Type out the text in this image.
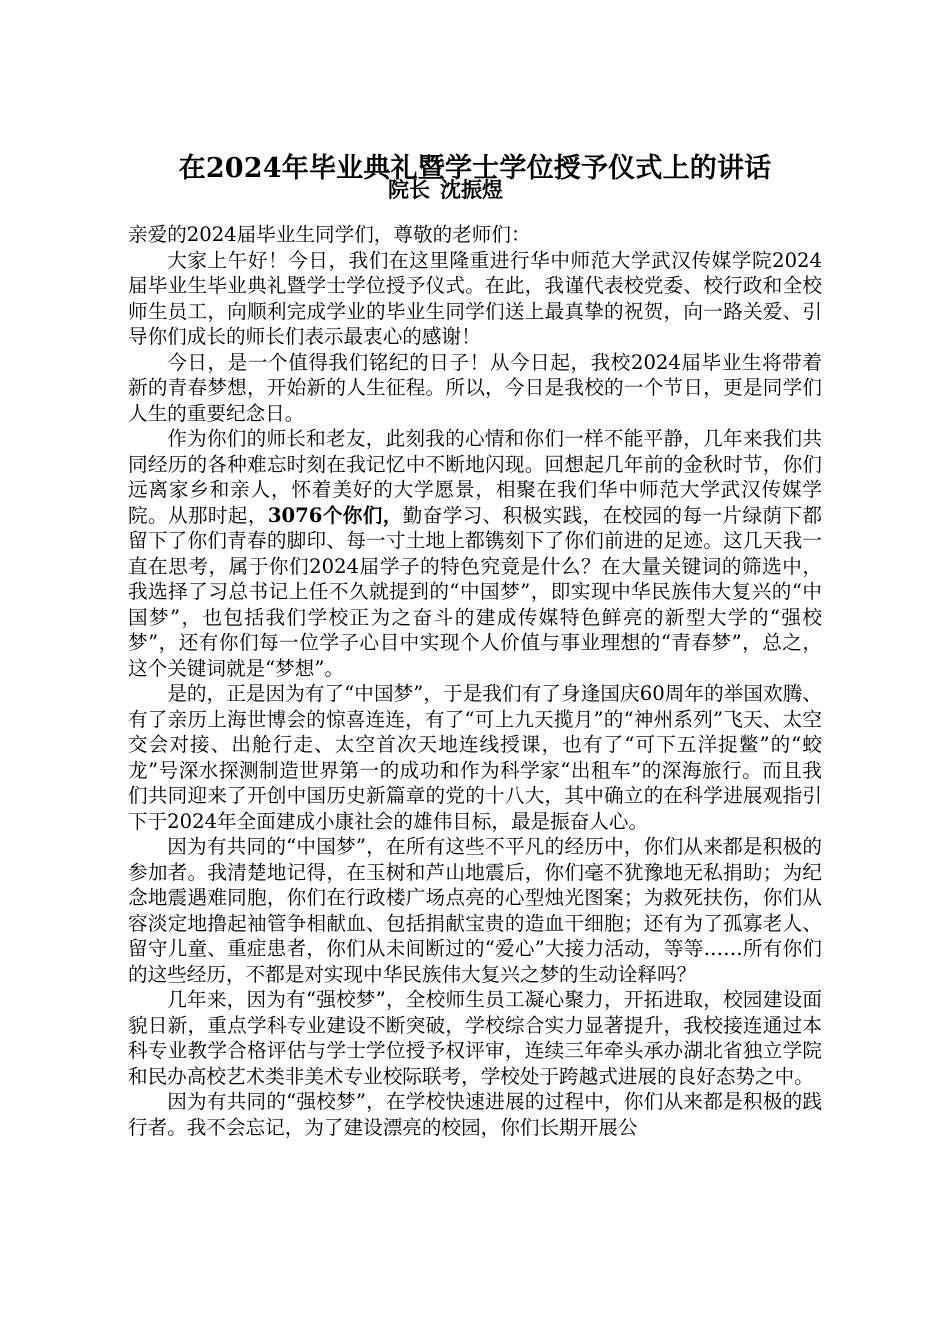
在2024年毕业典礼暨学士学位授予仪式上的讲话
院长 沈振煜

亲爱的2024届毕业生同学们，尊敬的老师们：

大家上午好！今日，我们在这里隆重进行华中师范大学武汉传媒学院2024届毕业生毕业典礼暨学士学位授予仪式。在此，我谨代表校党委、校行政和全校师生员工，向顺利完成学业的毕业生同学们送上最真挚的祝贺，向一路关爱、引导你们成长的师长们表示最衷心的感谢！

今日，是一个值得我们铭纪的日子！从今日起，我校2024届毕业生将带着新的青春梦想，开始新的人生征程。所以，今日是我校的一个节日，更是同学们人生的重要纪念日。

作为你们的师长和老友，此刻我的心情和你们一样不能平静，几年来我们共同经历的各种难忘时刻在我记忆中不断地闪现。回想起几年前的金秋时节，你们远离家乡和亲人，怀着美好的大学愿景，相聚在我们华中师范大学武汉传媒学院。从那时起，3076个你们，勤奋学习、积极实践，在校园的每一片绿荫下都留下了你们青春的脚印、每一寸土地上都镌刻下了你们前进的足迹。这几天我一直在思考，属于你们2024届学子的特色究竟是什么？在大量关键词的筛选中，我选择了习总书记上任不久就提到的“中国梦”，即实现中华民族伟大复兴的“中国梦”，也包括我们学校正为之奋斗的建成传媒特色鲜亮的新型大学的“强校梦”，还有你们每一位学子心目中实现个人价值与事业理想的“青春梦”，总之，这个关键词就是“梦想”。

是的，正是因为有了“中国梦”，于是我们有了身逢国庆60周年的举国欢腾、有了亲历上海世博会的惊喜连连，有了“可上九天揽月”的“神州系列”飞天、太空交会对接、出舱行走、太空首次天地连线授课，也有了“可下五洋捉鳖”的“蛟龙”号深水探测制造世界第一的成功和作为科学家“出租车”的深海旅行。而且我们共同迎来了开创中国历史新篇章的党的十八大，其中确立的在科学进展观指引下于2024年全面建成小康社会的雄伟目标，最是振奋人心。

因为有共同的“中国梦”，在所有这些不平凡的经历中，你们从来都是积极的参加者。我清楚地记得，在玉树和芦山地震后，你们毫不犹豫地无私捐助；为纪念地震遇难同胞，你们在行政楼广场点亮的心型烛光图案；为救死扶伤，你们从容淡定地撸起袖管争相献血、包括捐献宝贵的造血干细胞；还有为了孤寡老人、留守儿童、重症患者，你们从未间断过的“爱心”大接力活动，等等……所有你们的这些经历，不都是对实现中华民族伟大复兴之梦的生动诠释吗？

几年来，因为有“强校梦”，全校师生员工凝心聚力，开拓进取，校园建设面貌日新，重点学科专业建设不断突破，学校综合实力显著提升，我校接连通过本科专业教学合格评估与学士学位授予权评审，连续三年牵头承办湖北省独立学院和民办高校艺术类非美术专业校际联考，学校处于跨越式进展的良好态势之中。

因为有共同的“强校梦”，在学校快速进展的过程中，你们从来都是积极的践行者。我不会忘记，为了建设漂亮的校园，你们长期开展公
